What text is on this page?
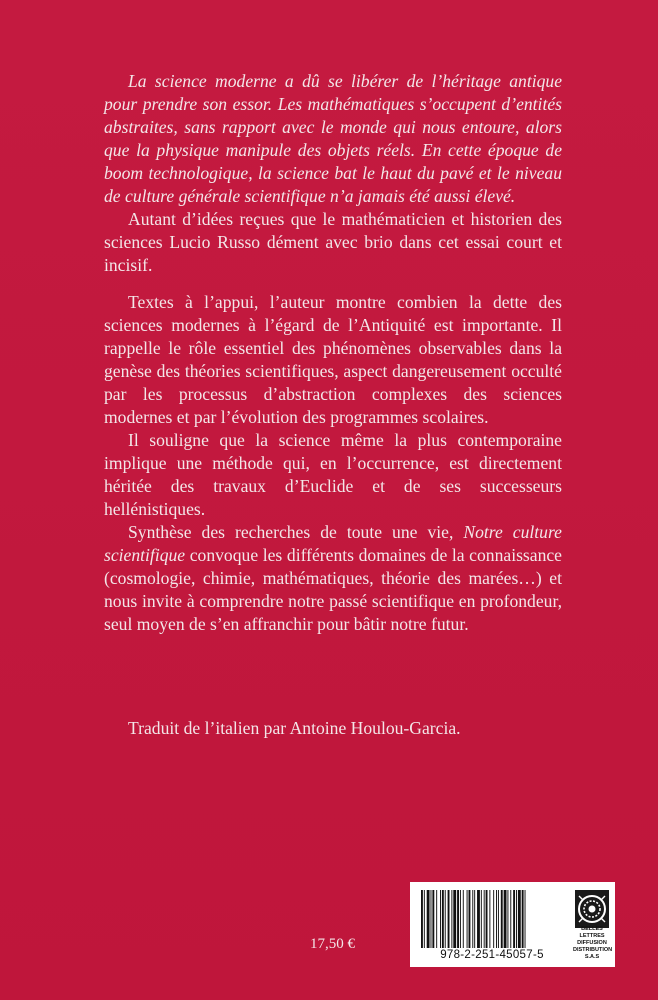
La science moderne a dû se libérer de l’héritage antique pour prendre son essor. Les mathématiques s’occupent d’entités abstraites, sans rapport avec le monde qui nous entoure, alors que la physique manipule des objets réels. En cette époque de boom technologique, la science bat le haut du pavé et le niveau de culture générale scientifique n’a jamais été aussi élevé.

Autant d’idées reçues que le mathématicien et historien des sciences Lucio Russo dément avec brio dans cet essai court et incisif.

Textes à l’appui, l’auteur montre combien la dette des sciences modernes à l’égard de l’Antiquité est importante. Il rappelle le rôle essentiel des phénomènes observables dans la genèse des théories scientifiques, aspect dangereusement occulté par les processus d’abstraction complexes des sciences modernes et par l’évolution des programmes scolaires.

Il souligne que la science même la plus contemporaine implique une méthode qui, en l’occurrence, est directement héritée des travaux d’Euclide et de ses successeurs hellénistiques.

Synthèse des recherches de toute une vie, Notre culture scientifique convoque les différents domaines de la connaissance (cosmologie, chimie, mathématiques, théorie des marées…) et nous invite à comprendre notre passé scientifique en profondeur, seul moyen de s’en affranchir pour bâtir notre futur.

Traduit de l’italien par Antoine Houlou-Garcia.
17,50 €
978-2-251-45057-5
BELLES LETTRES
DIFFUSION
DISTRIBUTION
S.A.S
